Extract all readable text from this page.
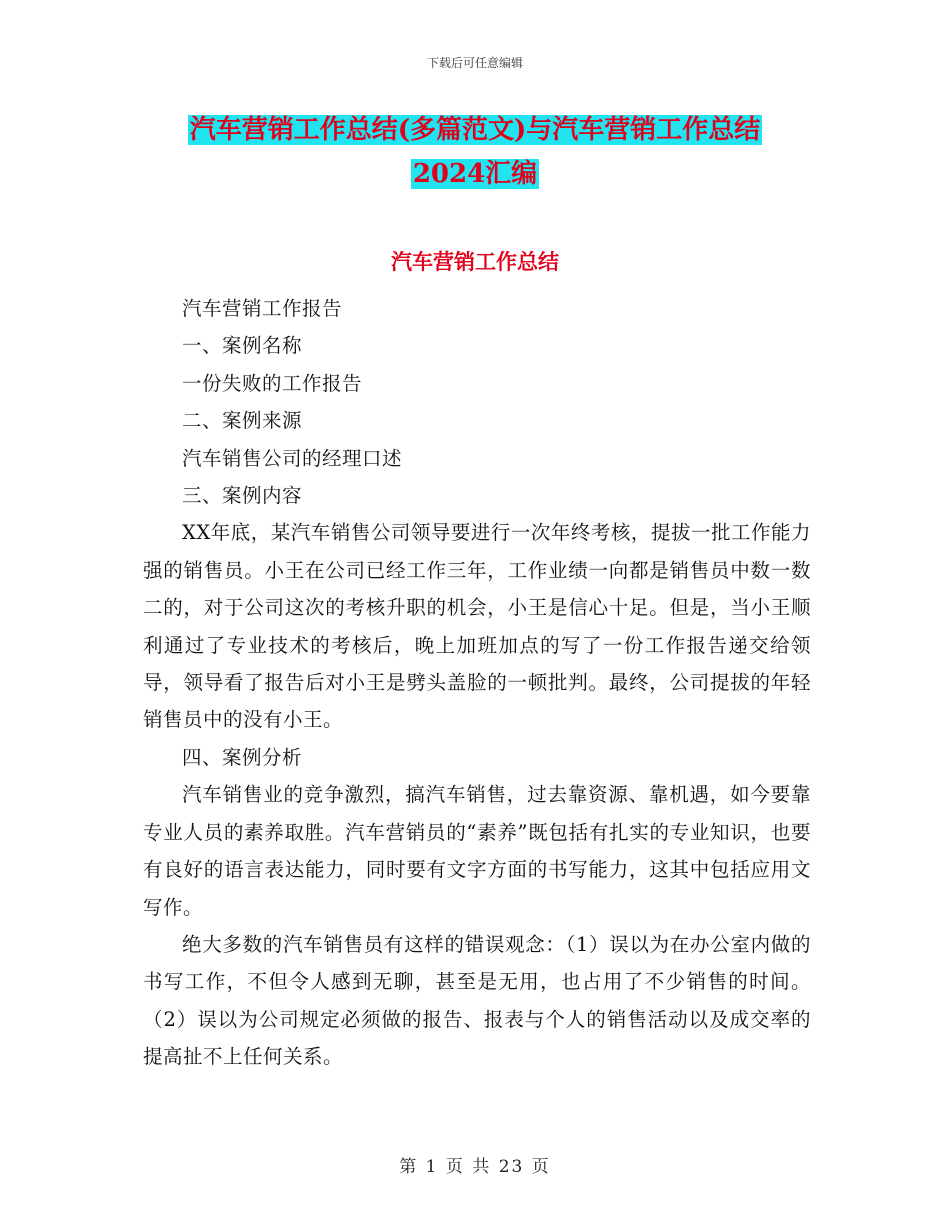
下载后可任意编辑
汽车营销工作总结(多篇范文)与汽车营销工作总结
2024汇编
汽车营销工作总结

汽车营销工作报告

一、案例名称

一份失败的工作报告

二、案例来源

汽车销售公司的经理口述

三、案例内容

XX年底，某汽车销售公司领导要进行一次年终考核，提拔一批工作能力强的销售员。小王在公司已经工作三年，工作业绩一向都是销售员中数一数二的，对于公司这次的考核升职的机会，小王是信心十足。但是，当小王顺利通过了专业技术的考核后，晚上加班加点的写了一份工作报告递交给领导，领导看了报告后对小王是劈头盖脸的一顿批判。最终，公司提拔的年轻销售员中的没有小王。

四、案例分析

汽车销售业的竞争激烈，搞汽车销售，过去靠资源、靠机遇，如今要靠专业人员的素养取胜。汽车营销员的“素养”既包括有扎实的专业知识，也要有良好的语言表达能力，同时要有文字方面的书写能力，这其中包括应用文写作。

绝大多数的汽车销售员有这样的错误观念：（1）误以为在办公室内做的书写工作，不但令人感到无聊，甚至是无用，也占用了不少销售的时间。（2）误以为公司规定必须做的报告、报表与个人的销售活动以及成交率的提高扯不上任何关系。

第 1 页 共 23 页
